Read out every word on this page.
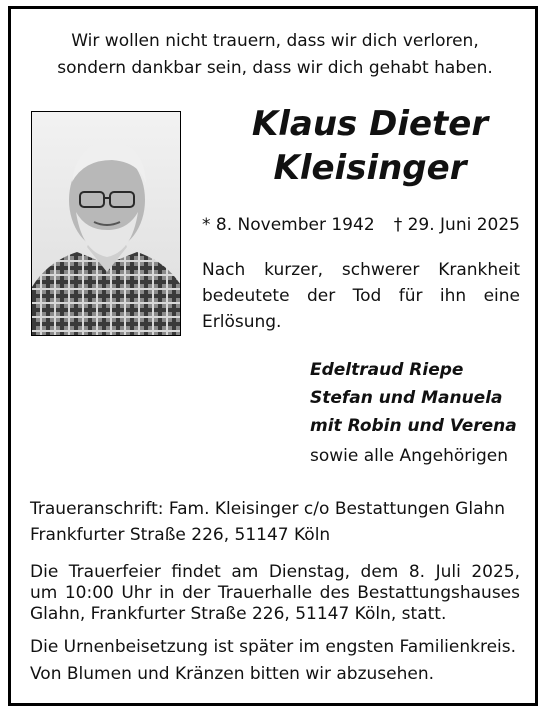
Wir wollen nicht trauern, dass wir dich verloren,
sondern dankbar sein, dass wir dich gehabt haben.
Klaus Dieter
Kleisinger
* 8. November 1942 † 29. Juni 2025
Nach kurzer, schwerer Krankheit
bedeutete der Tod für ihn eine
Erlösung.
Edeltraud Riepe
Stefan und Manuela
mit Robin und Verena
sowie alle Angehörigen
Traueranschrift: Fam. Kleisinger c/o Bestattungen Glahn
Frankfurter Straße 226, 51147 Köln
Die Trauerfeier findet am Dienstag, dem 8. Juli 2025,
um 10:00 Uhr in der Trauerhalle des Bestattungshauses
Glahn, Frankfurter Straße 226, 51147 Köln, statt.
Die Urnenbeisetzung ist später im engsten Familienkreis.
Von Blumen und Kränzen bitten wir abzusehen.
